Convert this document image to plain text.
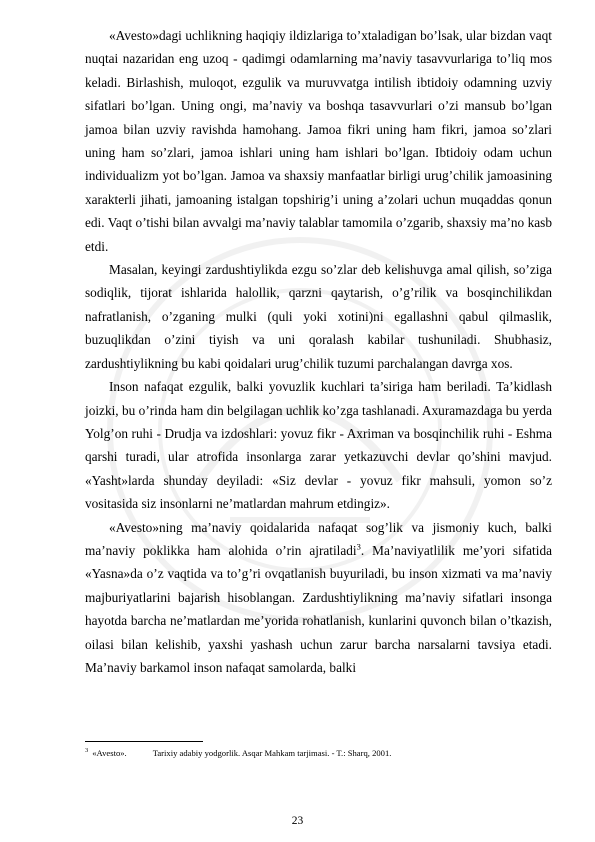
«Avesto»dagi uchlikning haqiqiy ildizlariga to’xtaladigan bo’lsak, ular bizdan vaqt nuqtai nazaridan eng uzoq - qadimgi odamlarning ma’naviy tasavvurlariga to’liq mos keladi. Birlashish, muloqot, ezgulik va muruvvatga intilish ibtidoiy odamning uzviy sifatlari bo’lgan. Uning ongi, ma’naviy va boshqa tasavvurlari o’zi mansub bo’lgan jamoa bilan uzviy ravishda hamohang. Jamoa fikri uning ham fikri, jamoa so’zlari uning ham so’zlari, jamoa ishlari uning ham ishlari bo’lgan. Ibtidoiy odam uchun individualizm yot bo’lgan. Jamoa va shaxsiy manfaatlar birligi urug’chilik jamoasining xarakterli jihati, jamoaning istalgan topshirig’i uning a’zolari uchun muqaddas qonun edi. Vaqt o’tishi bilan avvalgi ma’naviy talablar tamomila o’zgarib, shaxsiy ma’no kasb etdi.

Masalan, keyingi zardushtiylikda ezgu so’zlar deb kelishuvga amal qilish, so’ziga sodiqlik, tijorat ishlarida halollik, qarzni qaytarish, o’g’rilik va bosqinchilikdan nafratlanish, o’zganing mulki (quli yoki xotini)ni egallashni qabul qilmaslik, buzuqlikdan o’zini tiyish va uni qoralash kabilar tushuniladi. Shubhasiz, zardushtiylikning bu kabi qoidalari urug’chilik tuzumi parchalangan davrga xos.

Inson nafaqat ezgulik, balki yovuzlik kuchlari ta’siriga ham beriladi. Ta’kidlash joizki, bu o’rinda ham din belgilagan uchlik ko’zga tashlanadi. Axuramazdaga bu yerda Yolg’on ruhi - Drudja va izdoshlari: yovuz fikr - Axriman va bosqinchilik ruhi - Eshma qarshi turadi, ular atrofida insonlarga zarar yetkazuvchi devlar qo’shini mavjud. «Yasht»larda shunday deyiladi: «Siz devlar - yovuz fikr mahsuli, yomon so’z vositasida siz insonlarni ne’matlardan mahrum etdingiz».

«Avesto»ning ma’naviy qoidalarida nafaqat sog’lik va jismoniy kuch, balki ma’naviy poklikka ham alohida o’rin ajratiladi$^3$. Ma’naviyatlilik me’yori sifatida «Yasna»da o’z vaqtida va to’g’ri ovqatlanish buyuriladi, bu inson xizmati va ma’naviy majburiyatlarini bajarish hisoblangan. Zardushtiylikning ma’naviy sifatlari insonga hayotda barcha ne’matlardan me’yorida rohatlanish, kunlarini quvonch bilan o’tkazish, oilasi bilan kelishib, yaxshi yashash uchun zarur barcha narsalarni tavsiya etadi. Ma’naviy barkamol inson nafaqat samolarda, balki

$^3$ «Avesto».	Tarixiy adabiy yodgorlik. Asqar Mahkam tarjimasi. - T.: Sharq, 2001.
23
